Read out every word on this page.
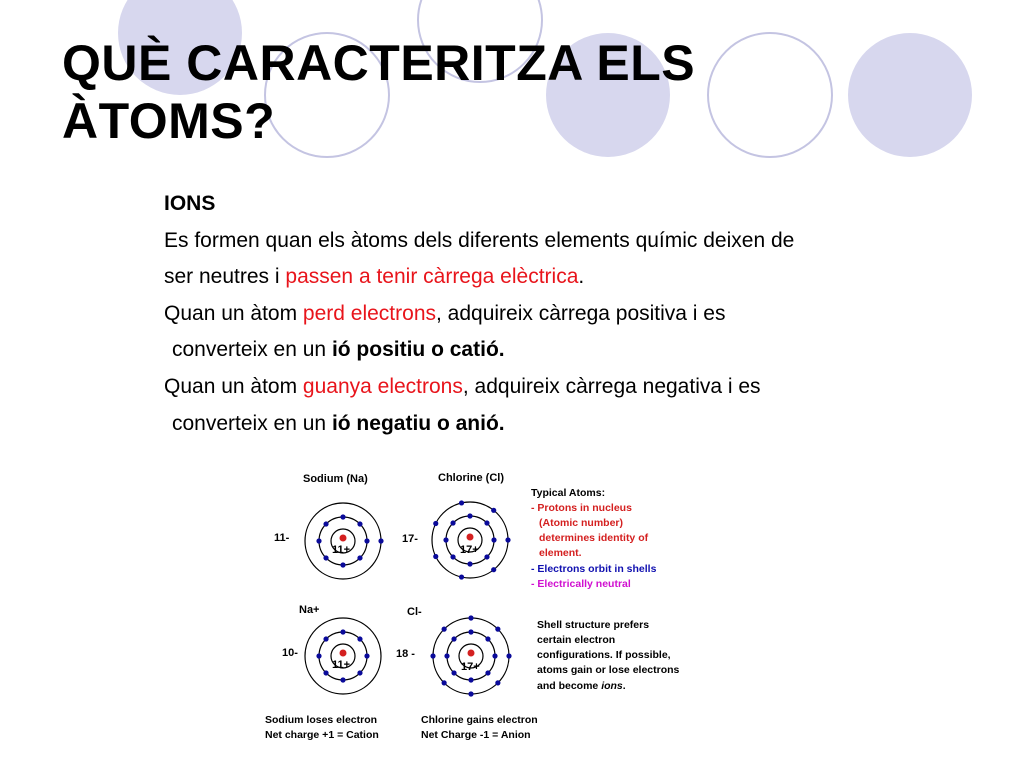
QUÈ CARACTERITZA ELS
ÀTOMS?
IONS
Es formen quan els àtoms dels diferents elements químic deixen de
ser neutres i passen a tenir càrrega elèctrica.
Quan un àtom perd electrons, adquireix càrrega positiva i es
converteix en un ió positiu o catió.
Quan un àtom guanya electrons, adquireix càrrega negativa i es
converteix en un ió negatiu o anió.
Sodium (Na)	Chlorine (Cl)
Na+	Cl-
11-	17-
10-	18 -
11+	17+
11+	17+
Typical Atoms:
- Protons in nucleus
(Atomic number)
determines identity of
element.
- Electrons orbit in shells
- Electrically neutral
Shell structure prefers
certain electron
configurations. If possible,
atoms gain or lose electrons
and become ions.
Sodium loses electron
Net charge +1 = Cation
Chlorine gains electron
Net Charge -1 = Anion
